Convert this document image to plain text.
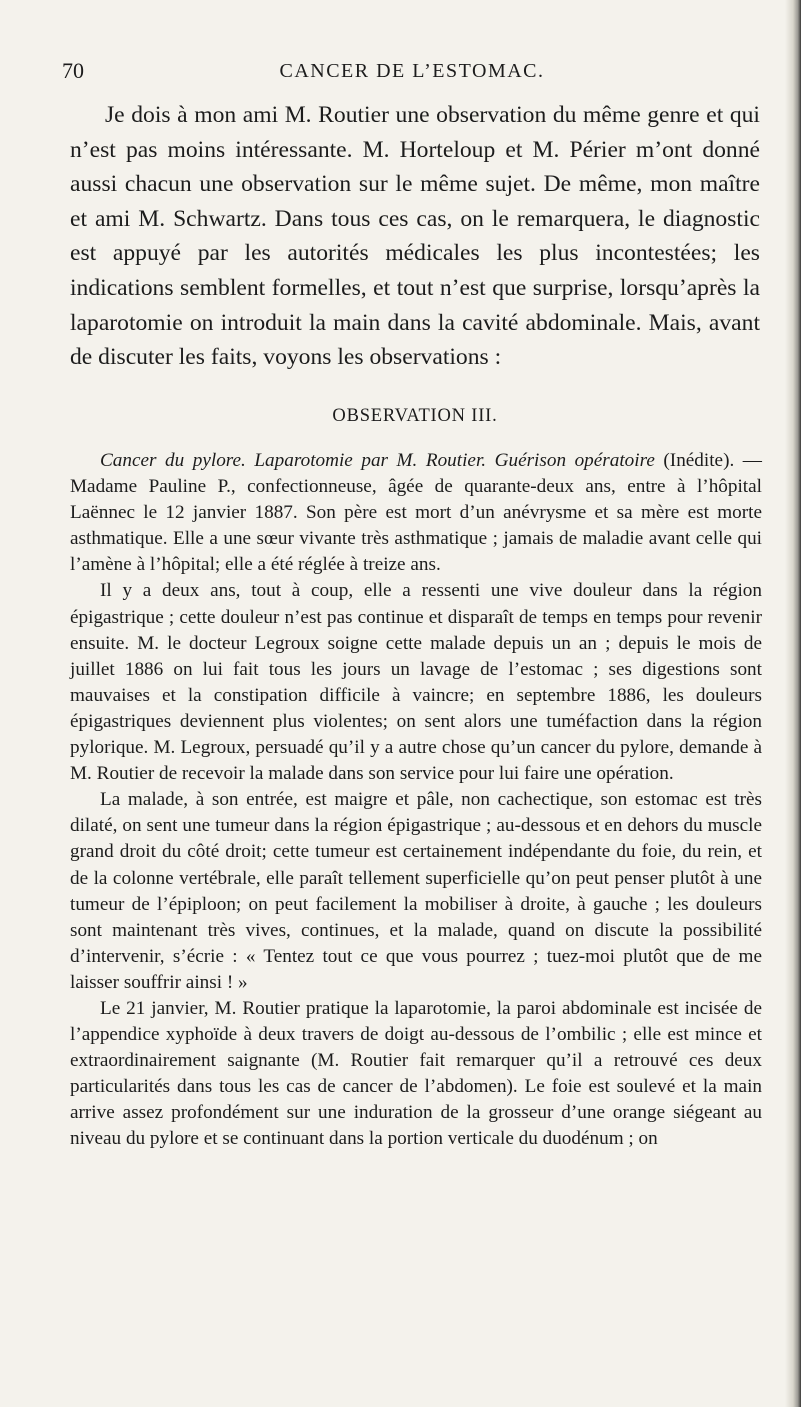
70	CANCER DE L’ESTOMAC.

Je dois à mon ami M. Routier une observation du même genre et qui n’est pas moins intéressante. M. Horteloup et M. Périer m’ont donné aussi chacun une observation sur le même sujet. De même, mon maître et ami M. Schwartz. Dans tous ces cas, on le remarquera, le diagnostic est appuyé par les autorités médicales les plus incontestées; les indications semblent formelles, et tout n’est que surprise, lorsqu’après la laparotomie on introduit la main dans la cavité abdominale. Mais, avant de discuter les faits, voyons les observations :

OBSERVATION III.

Cancer du pylore. Laparotomie par M. Routier. Guérison opératoire (Inédite). — Madame Pauline P., confectionneuse, âgée de quarante-deux ans, entre à l’hôpital Laënnec le 12 janvier 1887. Son père est mort d’un anévrysme et sa mère est morte asthmatique. Elle a une sœur vivante très asthmatique ; jamais de maladie avant celle qui l’amène à l’hôpital; elle a été réglée à treize ans.

Il y a deux ans, tout à coup, elle a ressenti une vive douleur dans la région épigastrique ; cette douleur n’est pas continue et disparaît de temps en temps pour revenir ensuite. M. le docteur Legroux soigne cette malade depuis un an ; depuis le mois de juillet 1886 on lui fait tous les jours un lavage de l’estomac ; ses digestions sont mauvaises et la constipation difficile à vaincre; en septembre 1886, les douleurs épigastriques deviennent plus violentes; on sent alors une tuméfaction dans la région pylorique. M. Legroux, persuadé qu’il y a autre chose qu’un cancer du pylore, demande à M. Routier de recevoir la malade dans son service pour lui faire une opération.

La malade, à son entrée, est maigre et pâle, non cachectique, son estomac est très dilaté, on sent une tumeur dans la région épigastrique ; au-dessous et en dehors du muscle grand droit du côté droit; cette tumeur est certainement indépendante du foie, du rein, et de la colonne vertébrale, elle paraît tellement superficielle qu’on peut penser plutôt à une tumeur de l’épiploon; on peut facilement la mobiliser à droite, à gauche ; les douleurs sont maintenant très vives, continues, et la malade, quand on discute la possibilité d’intervenir, s’écrie : « Tentez tout ce que vous pourrez ; tuez-moi plutôt que de me laisser souffrir ainsi ! »

Le 21 janvier, M. Routier pratique la laparotomie, la paroi abdominale est incisée de l’appendice xyphoïde à deux travers de doigt au-dessous de l’ombilic ; elle est mince et extraordinairement saignante (M. Routier fait remarquer qu’il a retrouvé ces deux particularités dans tous les cas de cancer de l’abdomen). Le foie est soulevé et la main arrive assez profondément sur une induration de la grosseur d’une orange siégeant au niveau du pylore et se continuant dans la portion verticale du duodénum ; on
